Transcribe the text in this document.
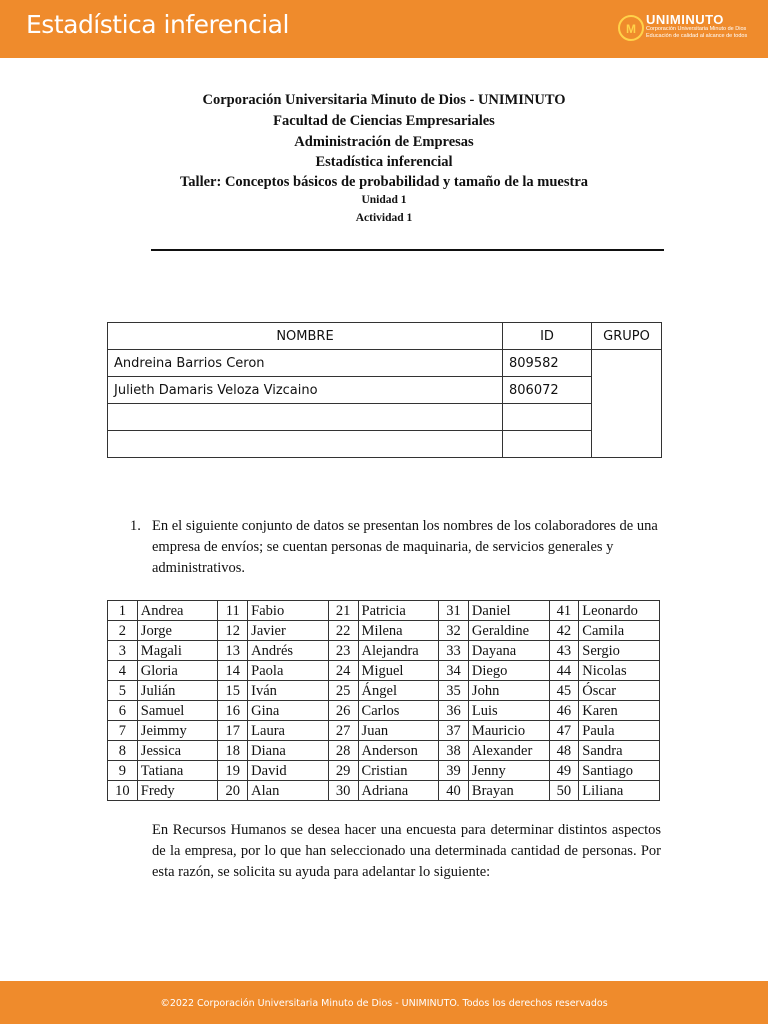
Estadística inferencial	M
UNIMINUTO
Corporación Universitaria Minuto de Dios
Educación de calidad al alcance de todos
Corporación Universitaria Minuto de Dios - UNIMINUTO
Facultad de Ciencias Empresariales
Administración de Empresas
Estadística inferencial
Taller: Conceptos básicos de probabilidad y tamaño de la muestra
Unidad 1
Actividad 1
NOMBRE	ID	GRUPO
Andreina Barrios Ceron	809582	
Julieth Damaris Veloza Vizcaino	806072	

1. En el siguiente conjunto de datos se presentan los nombres de los colaboradores de una empresa de envíos; se cuentan personas de maquinaria, de servicios generales y administrativos.
1	Andrea	11	Fabio	21	Patricia	31	Daniel	41	Leonardo
2	Jorge	12	Javier	22	Milena	32	Geraldine	42	Camila
3	Magali	13	Andrés	23	Alejandra	33	Dayana	43	Sergio
4	Gloria	14	Paola	24	Miguel	34	Diego	44	Nicolas
5	Julián	15	Iván	25	Ángel	35	John	45	Óscar
6	Samuel	16	Gina	26	Carlos	36	Luis	46	Karen
7	Jeimmy	17	Laura	27	Juan	37	Mauricio	47	Paula
8	Jessica	18	Diana	28	Anderson	38	Alexander	48	Sandra
9	Tatiana	19	David	29	Cristian	39	Jenny	49	Santiago
10	Fredy	20	Alan	30	Adriana	40	Brayan	50	Liliana
En Recursos Humanos se desea hacer una encuesta para determinar distintos aspectos de la empresa, por lo que han seleccionado una determinada cantidad de personas. Por esta razón, se solicita su ayuda para adelantar lo siguiente:
©2022 Corporación Universitaria Minuto de Dios - UNIMINUTO. Todos los derechos reservados
